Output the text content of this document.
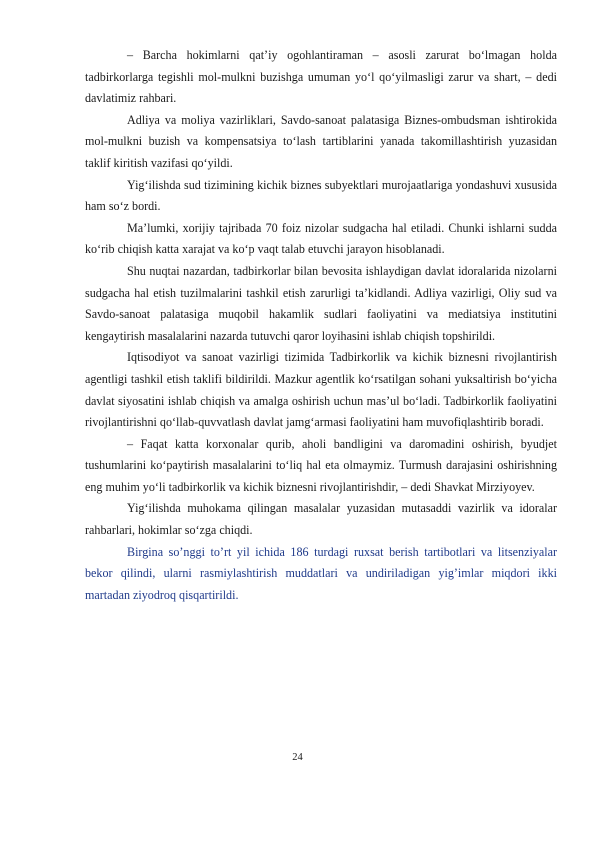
– Barcha hokimlarni qatʼiy ogohlantiraman – asosli zarurat boʻlmagan holda tadbirkorlarga tegishli mol-mulkni buzishga umuman yoʻl qoʻyilmasligi zarur va shart, – dedi davlatimiz rahbari.

Adliya va moliya vazirliklari, Savdo-sanoat palatasiga Biznes-ombudsman ishtirokida mol-mulkni buzish va kompensatsiya toʻlash tartiblarini yanada takomillashtirish yuzasidan taklif kiritish vazifasi qoʻyildi.

Yigʻilishda sud tizimining kichik biznes subyektlari murojaatlariga yondashuvi xususida ham soʻz bordi.

Maʼlumki, xorijiy tajribada 70 foiz nizolar sudgacha hal etiladi. Chunki ishlarni sudda koʻrib chiqish katta xarajat va koʻp vaqt talab etuvchi jarayon hisoblanadi.

Shu nuqtai nazardan, tadbirkorlar bilan bevosita ishlaydigan davlat idoralarida nizolarni sudgacha hal etish tuzilmalarini tashkil etish zarurligi taʼkidlandi. Adliya vazirligi, Oliy sud va Savdo-sanoat palatasiga muqobil hakamlik sudlari faoliyatini va mediatsiya institutini kengaytirish masalalarini nazarda tutuvchi qaror loyihasini ishlab chiqish topshirildi.

Iqtisodiyot va sanoat vazirligi tizimida Tadbirkorlik va kichik biznesni rivojlantirish agentligi tashkil etish taklifi bildirildi. Mazkur agentlik koʻrsatilgan sohani yuksaltirish boʻyicha davlat siyosatini ishlab chiqish va amalga oshirish uchun masʼul boʻladi. Tadbirkorlik faoliyatini rivojlantirishni qoʻllab-quvvatlash davlat jamgʻarmasi faoliyatini ham muvofiqlashtirib boradi.

– Faqat katta korxonalar qurib, aholi bandligini va daromadini oshirish, byudjet tushumlarini koʻpaytirish masalalarini toʻliq hal eta olmaymiz. Turmush darajasini oshirishning eng muhim yoʻli tadbirkorlik va kichik biznesni rivojlantirishdir, – dedi Shavkat Mirziyoyev.

Yigʻilishda muhokama qilingan masalalar yuzasidan mutasaddi vazirlik va idoralar rahbarlari, hokimlar soʻzga chiqdi.

Birgina so’nggi to’rt yil ichida 186 turdagi ruxsat berish tartibotlari va litsenziyalar bekor qilindi, ularni rasmiylashtirish muddatlari va undiriladigan yig’imlar miqdori ikki martadan ziyodroq qisqartirildi.

24
